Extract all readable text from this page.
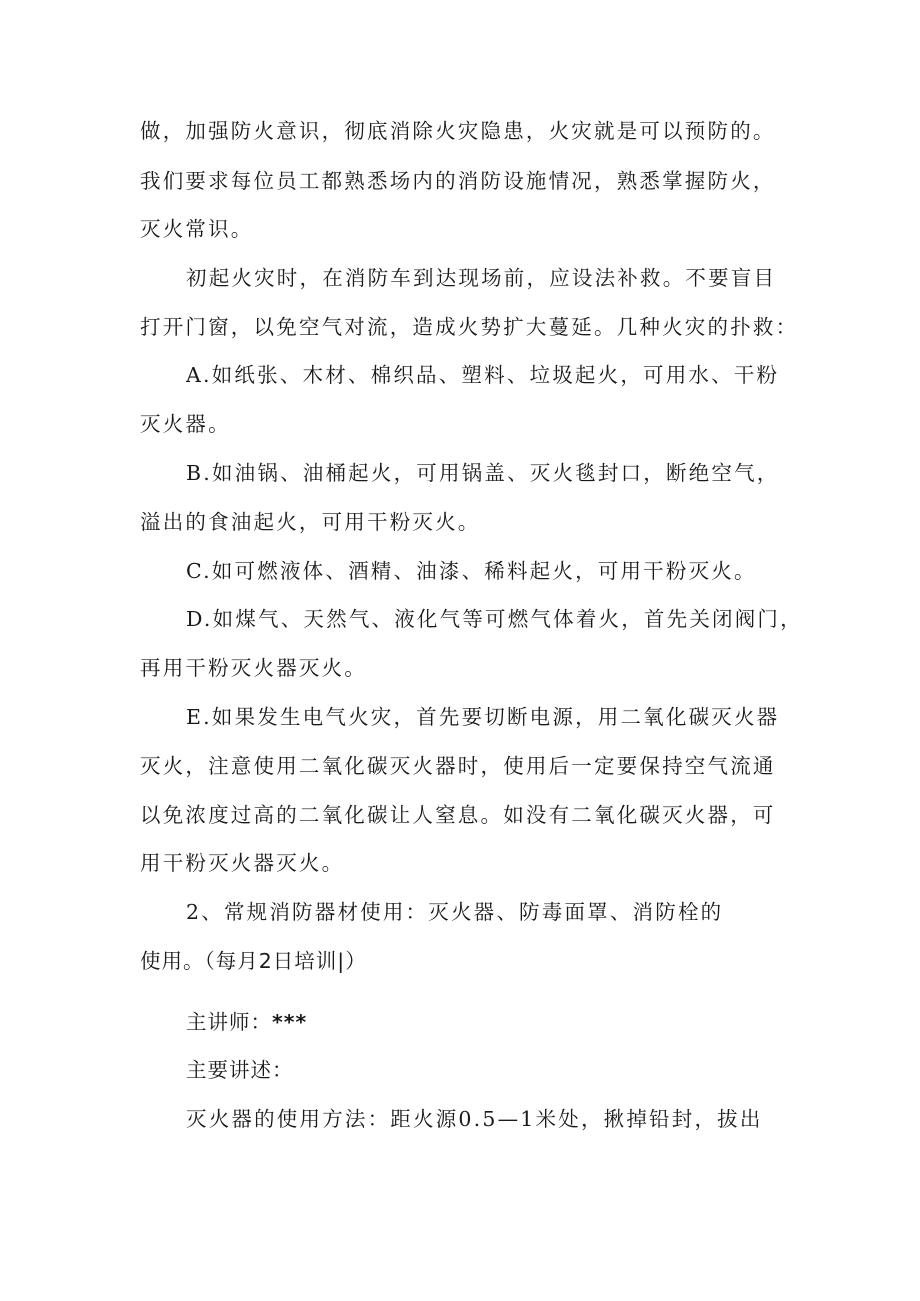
做，加强防火意识，彻底消除火灾隐患，火灾就是可以预防的。

我们要求每位员工都熟悉场内的消防设施情况，熟悉掌握防火，

灭火常识。

初起火灾时，在消防车到达现场前，应设法补救。不要盲目

打开门窗，以免空气对流，造成火势扩大蔓延。几种火灾的扑救：

A.如纸张、木材、棉织品、塑料、垃圾起火，可用水、干粉

灭火器。

B.如油锅、油桶起火，可用锅盖、灭火毯封口，断绝空气，

溢出的食油起火，可用干粉灭火。

C.如可燃液体、酒精、油漆、稀料起火，可用干粉灭火。

D.如煤气、天然气、液化气等可燃气体着火，首先关闭阀门，

再用干粉灭火器灭火。

E.如果发生电气火灾，首先要切断电源，用二氧化碳灭火器

灭火，注意使用二氧化碳灭火器时，使用后一定要保持空气流通

以免浓度过高的二氧化碳让人窒息。如没有二氧化碳灭火器，可

用干粉灭火器灭火。

2、常规消防器材使用：灭火器、防毒面罩、消防栓的

使用。（每月2日培训|）

主讲师：***

主要讲述：

灭火器的使用方法：距火源0.5—1米处，揪掉铅封，拔出
